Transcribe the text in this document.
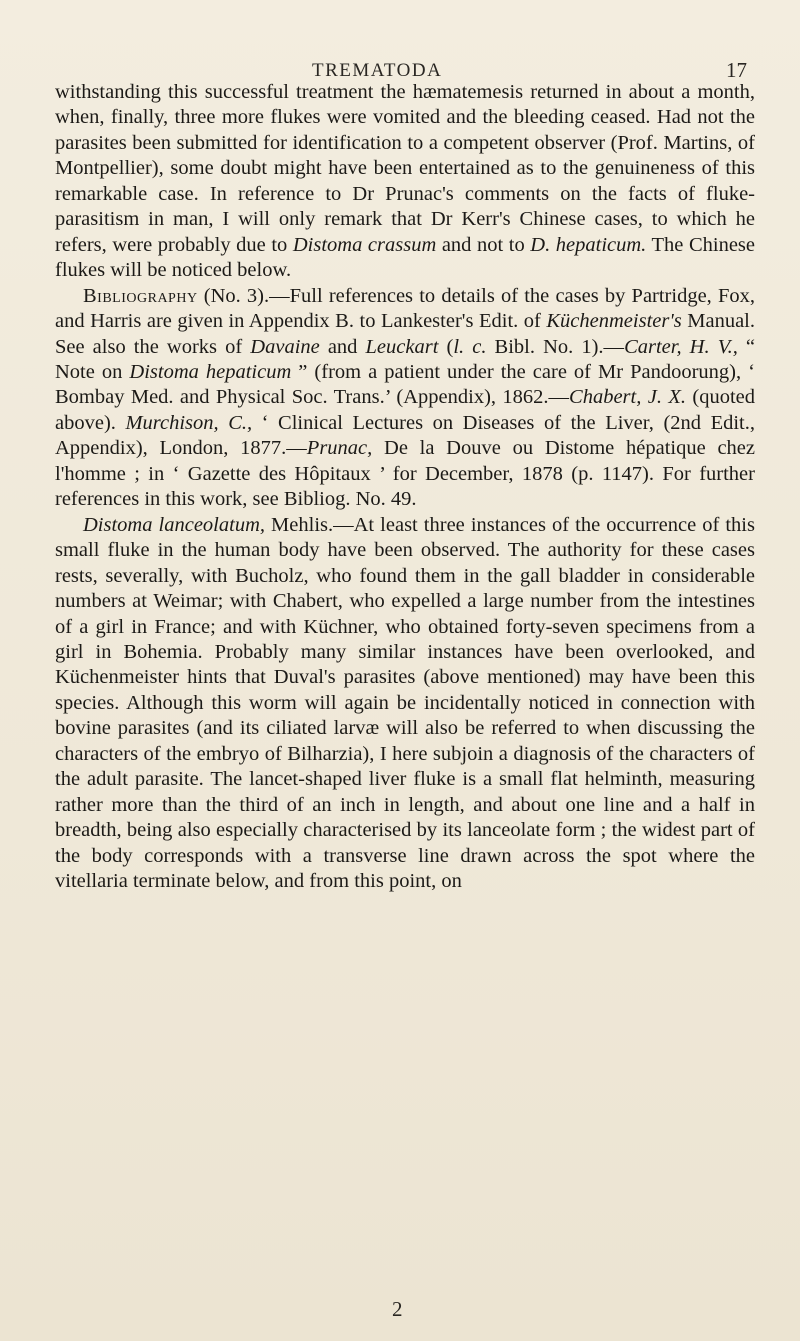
TREMATODA	17

withstanding this successful treatment the hæmatemesis returned in about a month, when, finally, three more flukes were vomited and the bleeding ceased. Had not the parasites been submitted for identification to a competent observer (Prof. Martins, of Montpellier), some doubt might have been entertained as to the genuineness of this remarkable case. In reference to Dr Prunac's comments on the facts of fluke-parasitism in man, I will only remark that Dr Kerr's Chinese cases, to which he refers, were probably due to Distoma crassum and not to D. hepaticum. The Chinese flukes will be noticed below.

Bibliography (No. 3).—Full references to details of the cases by Partridge, Fox, and Harris are given in Appendix B. to Lankester's Edit. of Küchenmeister's Manual. See also the works of Davaine and Leuckart (l. c. Bibl. No. 1).—Carter, H. V., “ Note on Distoma hepaticum ” (from a patient under the care of Mr Pandoorung), ‘ Bombay Med. and Physical Soc. Trans.’ (Appendix), 1862.—Chabert, J. X. (quoted above). Murchison, C., ‘ Clinical Lectures on Diseases of the Liver, (2nd Edit., Appendix), London, 1877.—Prunac, De la Douve ou Distome hépatique chez l'homme ; in ‘ Gazette des Hôpitaux ’ for December, 1878 (p. 1147). For further references in this work, see Bibliog. No. 49.

Distoma lanceolatum, Mehlis.—At least three instances of the occurrence of this small fluke in the human body have been observed. The authority for these cases rests, severally, with Bucholz, who found them in the gall bladder in considerable numbers at Weimar; with Chabert, who expelled a large number from the intestines of a girl in France; and with Küchner, who obtained forty-seven specimens from a girl in Bohemia. Probably many similar instances have been overlooked, and Küchenmeister hints that Duval's parasites (above mentioned) may have been this species. Although this worm will again be incidentally noticed in connection with bovine parasites (and its ciliated larvæ will also be referred to when discussing the characters of the embryo of Bilharzia), I here subjoin a diagnosis of the characters of the adult parasite. The lancet-shaped liver fluke is a small flat helminth, measuring rather more than the third of an inch in length, and about one line and a half in breadth, being also especially characterised by its lanceolate form ; the widest part of the body corresponds with a transverse line drawn across the spot where the vitellaria terminate below, and from this point, on

2
